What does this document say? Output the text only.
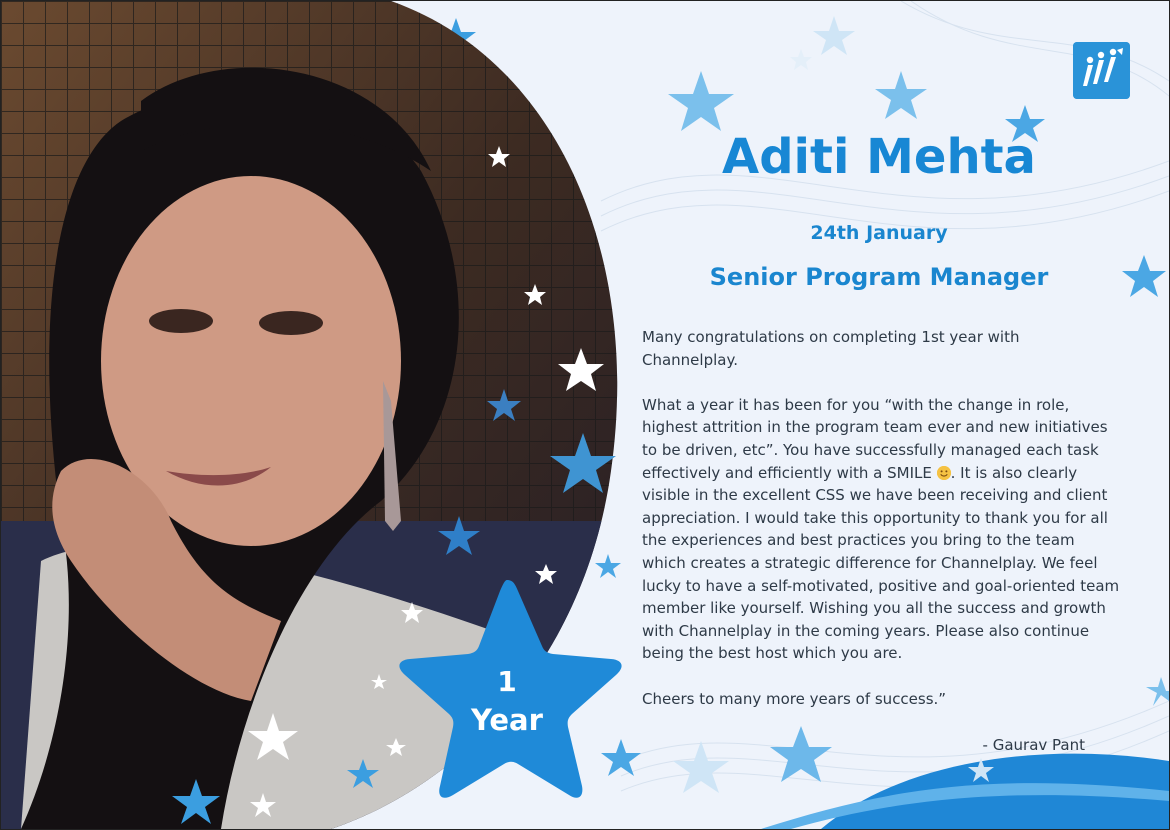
1
Year
Aditi Mehta
24th January
Senior Program Manager

Many congratulations on completing 1st year with Channelplay.

What a year it has been for you “with the change in role, highest attrition in the program team ever and new initiatives to be driven, etc”. You have successfully managed each task effectively and efficiently with a SMILE
. It is also clearly visible in the excellent CSS we have been receiving and client appreciation. I would take this opportunity to thank you for all the experiences and best practices you bring to the team which creates a strategic difference for Channelplay. We feel lucky to have a self-motivated, positive and goal-oriented team member like yourself. Wishing you all the success and growth with Channelplay in the coming years. Please also continue being the best host which you are.

Cheers to many more years of success.”

- Gaurav Pant
